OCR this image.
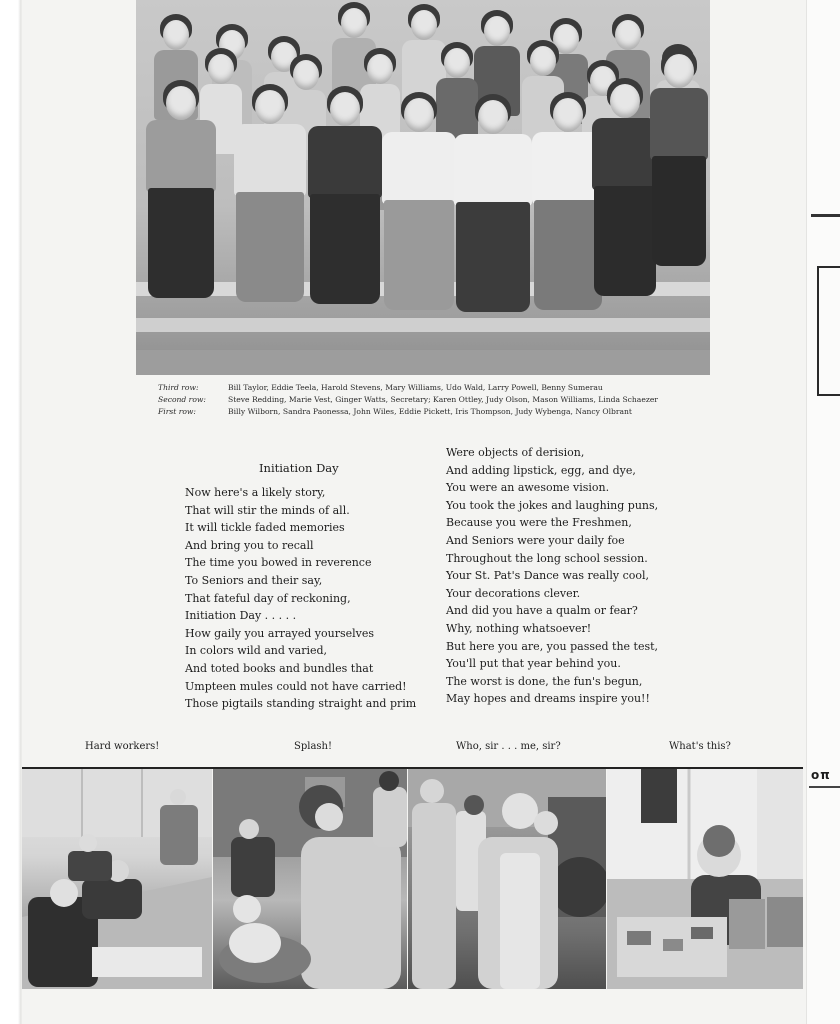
Third row:	Bill Taylor, Eddie Teela, Harold Stevens, Mary Williams, Udo Wald, Larry Powell, Benny Sumerau
Second row:	Steve Redding, Marie Vest, Ginger Watts, Secretary; Karen Ottley, Judy Olson, Mason Williams, Linda Schaezer
First row:	Billy Wilborn, Sandra Paonessa, John Wiles, Eddie Pickett, Iris Thompson, Judy Wybenga, Nancy Olbrant
Initiation Day
Now here's a likely story,
That will stir the minds of all.
It will tickle faded memories
And bring you to recall
The time you bowed in reverence
To Seniors and their say,
That fateful day of reckoning,
Initiation Day . . . . .
How gaily you arrayed yourselves
In colors wild and varied,
And toted books and bundles that
Umpteen mules could not have carried!
Those pigtails standing straight and prim
Were objects of derision,
And adding lipstick, egg, and dye,
You were an awesome vision.
You took the jokes and laughing puns,
Because you were the Freshmen,
And Seniors were your daily foe
Throughout the long school session.
Your St. Pat's Dance was really cool,
Your decorations clever.
And did you have a qualm or fear?
Why, nothing whatsoever!
But here you are, you passed the test,
You'll put that year behind you.
The worst is done, the fun's begun,
May hopes and dreams inspire you!!
Hard workers!	Splash!	Who, sir . . . me, sir?	What's this?
oπ
